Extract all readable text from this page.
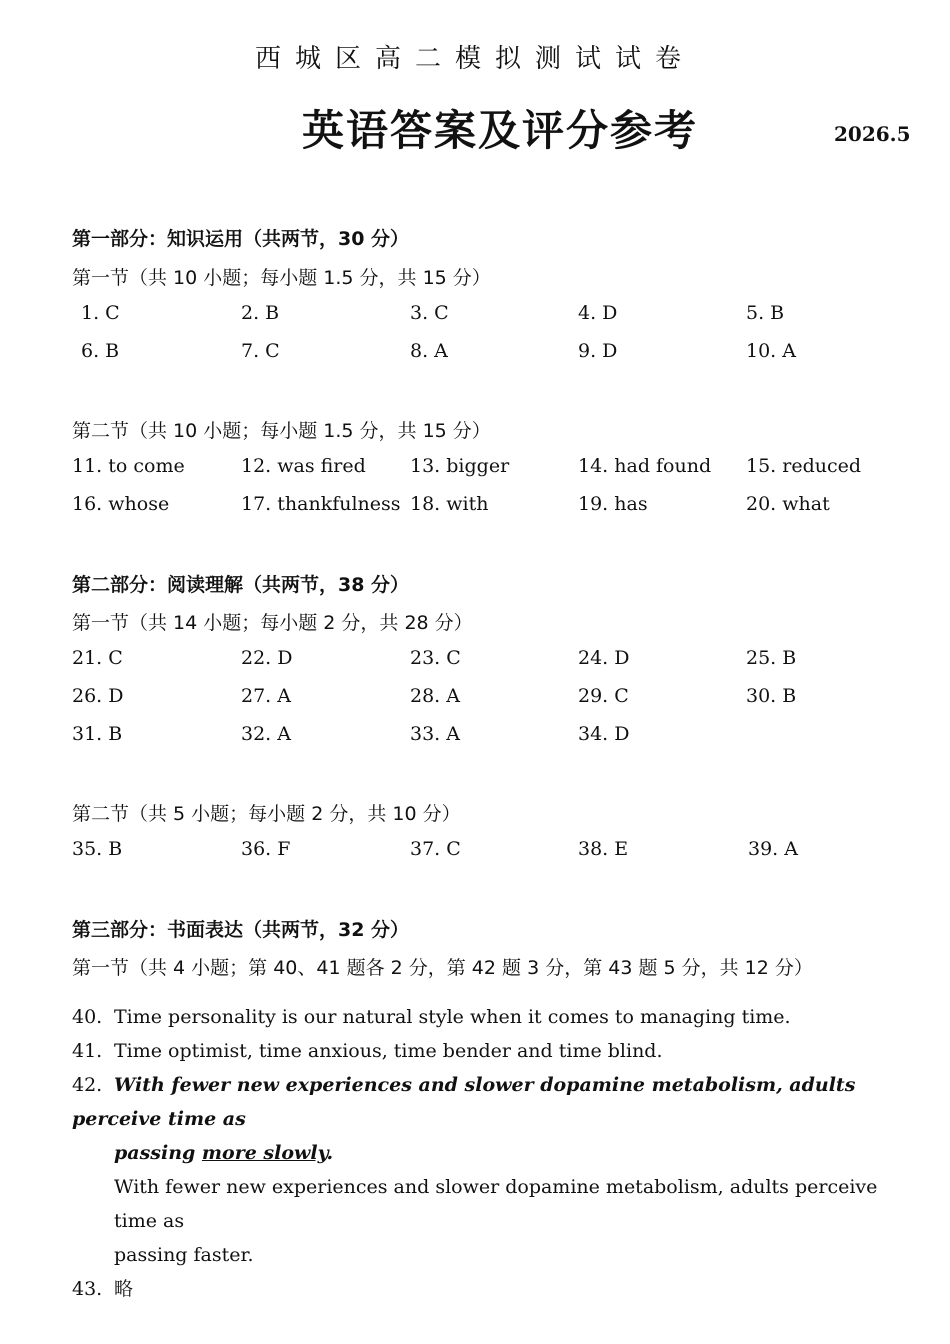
西城区高二模拟测试试卷
英语答案及评分参考	2026.5
第一部分：知识运用（共两节，30 分）
第一节（共 10 小题；每小题 1.5 分，共 15 分）
1. C	2. B	3. C	4. D	5. B
6. B	7. C	8. A	9. D	10. A
第二节（共 10 小题；每小题 1.5 分，共 15 分）
11. to come	12. was fired 13. bigger	14. had found 15. reduced
16. whose	17. thankfulness 18. with	19. has	20. what
第二部分：阅读理解（共两节，38 分）
第一节（共 14 小题；每小题 2 分，共 28 分）
21. C	22. D	23. C	24. D	25. B
26. D	27. A	28. A	29. C	30. B
31. B	32. A	33. A	34. D
第二节（共 5 小题；每小题 2 分，共 10 分）
35. B	36. F	37. C	38. E	39. A
第三部分：书面表达（共两节，32 分）
第一节（共 4 小题；第 40、41 题各 2 分，第 42 题 3 分，第 43 题 5 分，共 12 分）
40. Time personality is our natural style when it comes to managing time.
41. Time optimist, time anxious, time bender and time blind.
42. With fewer new experiences and slower dopamine metabolism, adults perceive time as
passing more slowly.
With fewer new experiences and slower dopamine metabolism, adults perceive time as
passing faster.
43. 略
